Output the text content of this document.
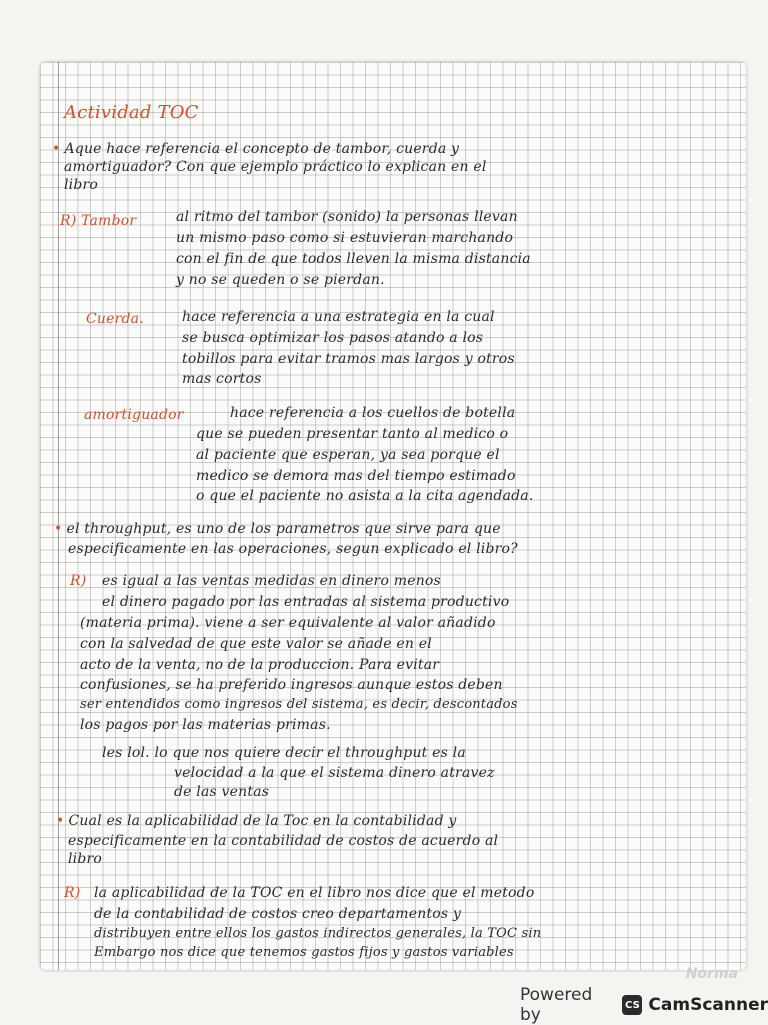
Actividad TOC
• Aque hace referencia el concepto de tambor, cuerda y
amortiguador? Con que ejemplo práctico lo explican en el
libro
R) Tambor	al ritmo del tambor (sonido) la personas llevan
un mismo paso como si estuvieran marchando
con el fin de que todos lleven la misma distancia
y no se queden o se pierdan.
Cuerda.	hace referencia a una estrategia en la cual
se busca optimizar los pasos atando a los
tobillos para evitar tramos mas largos y otros
mas cortos
amortiguador	hace referencia a los cuellos de botella
que se pueden presentar tanto al medico o
al paciente que esperan, ya sea porque el
medico se demora mas del tiempo estimado
o que el paciente no asista a la cita agendada.
• el throughput, es uno de los parametros que sirve para que
especificamente en las operaciones, segun explicado el libro?
R) es igual a las ventas medidas en dinero menos
el dinero pagado por las entradas al sistema productivo
(materia prima). viene a ser equivalente al valor añadido
con la salvedad de que este valor se añade en el
acto de la venta, no de la produccion. Para evitar
confusiones, se ha preferido ingresos aunque estos deben
ser entendidos como ingresos del sistema, es decir, descontados
los pagos por las materias primas.
les lol. lo que nos quiere decir el throughput es la
velocidad a la que el sistema dinero atravez
de las ventas
• Cual es la aplicabilidad de la Toc en la contabilidad y
especificamente en la contabilidad de costos de acuerdo al
libro
R) la aplicabilidad de la TOC en el libro nos dice que el metodo
de la contabilidad de costos creo departamentos y
distribuyen entre ellos los gastos indirectos generales, la TOC sin
Embargo nos dice que tenemos gastos fijos y gastos variables
Norma
Powered by	CS CamScanner
